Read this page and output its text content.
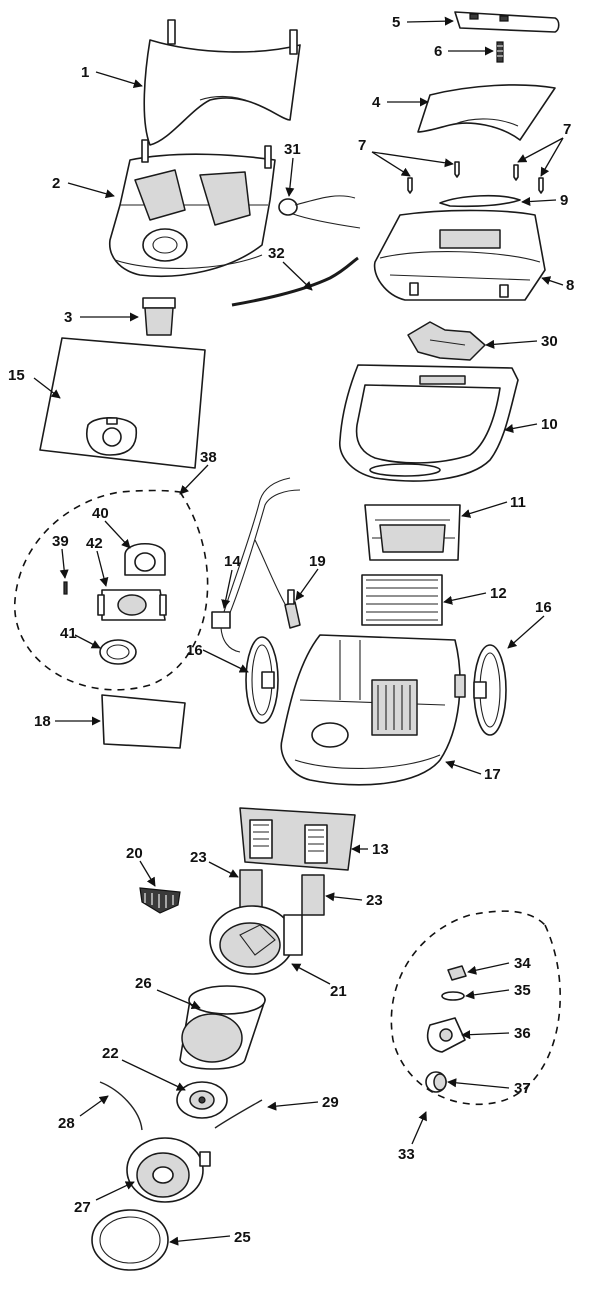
1
2
3
15
5
6
4
7
7
9
8
31
32
30
10
11
12
16
16
17
14	19
38
40
42
39
41
18
13
23
23
20
21
26
22
28
29
27
25
34
35
36
37
33
